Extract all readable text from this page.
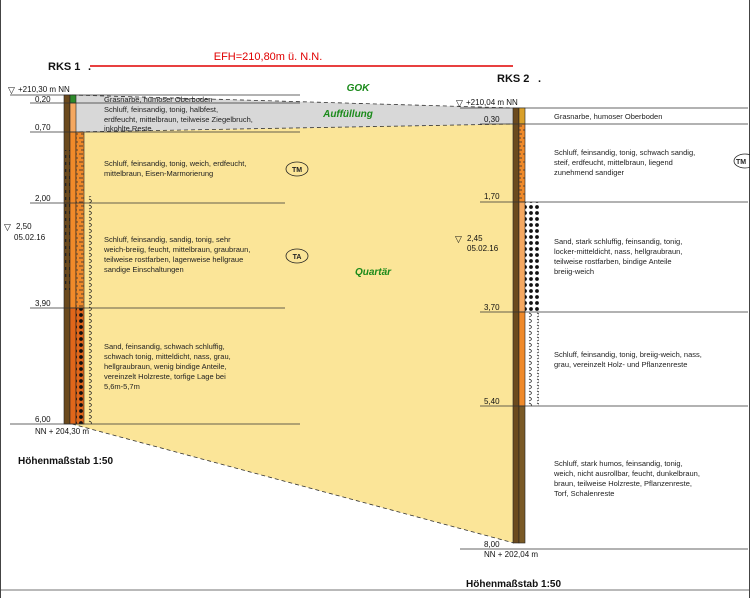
EFH=210,80m ü. N.N.
GOK
Auffüllung
Quartär
RKS 1 .
▽ +210,30 m NN
0,20
0,70
2,00
3,90
6,00
NN + 204,30 m
▽ 2,50
05.02.16
Grasnarbe, humoser Oberboden
Schluff, feinsandig, tonig, halbfest, erdfeucht, mittelbraun, teilweise Ziegelbruch, inkohlte Reste
Schluff, feinsandig, tonig, weich, erdfeucht, mittelbraun, Eisen-Marmorierung	TM
Schluff, feinsandig, sandig, tonig, sehr weich-breiig, feucht, mittelbraun, graubraun, teilweise rostfarben, lagenweise hellgraue sandige Einschaltungen
TA
Sand, feinsandig, schwach schluffig, schwach tonig, mitteldicht, nass, grau, hellgraubraun, wenig bindige Anteile, vereinzelt Holzreste, torfige Lage bei 5,6m-5,7m
Höhenmaßstab 1:50
RKS 2 .
▽ +210,04 m NN
0,30
1,70
3,70
5,40
8,00
NN + 202,04 m
▽ 2,45
05.02.16
Grasnarbe, humoser Oberboden
Schluff, feinsandig, tonig, schwach sandig, steif, erdfeucht, mittelbraun, liegend zunehmend sandiger
TM
Sand, stark schluffig, feinsandig, tonig, locker-mitteldicht, nass, hellgraubraun, teilweise rostfarben, bindige Anteile breiig-weich
Schluff, feinsandig, tonig, breiig-weich, nass, grau, vereinzelt Holz- und Pflanzenreste
Schluff, stark humos, feinsandig, tonig, weich, nicht ausrollbar, feucht, dunkelbraun, braun, teilweise Holzreste, Pflanzenreste, Torf, Schalenreste
Höhenmaßstab 1:50
